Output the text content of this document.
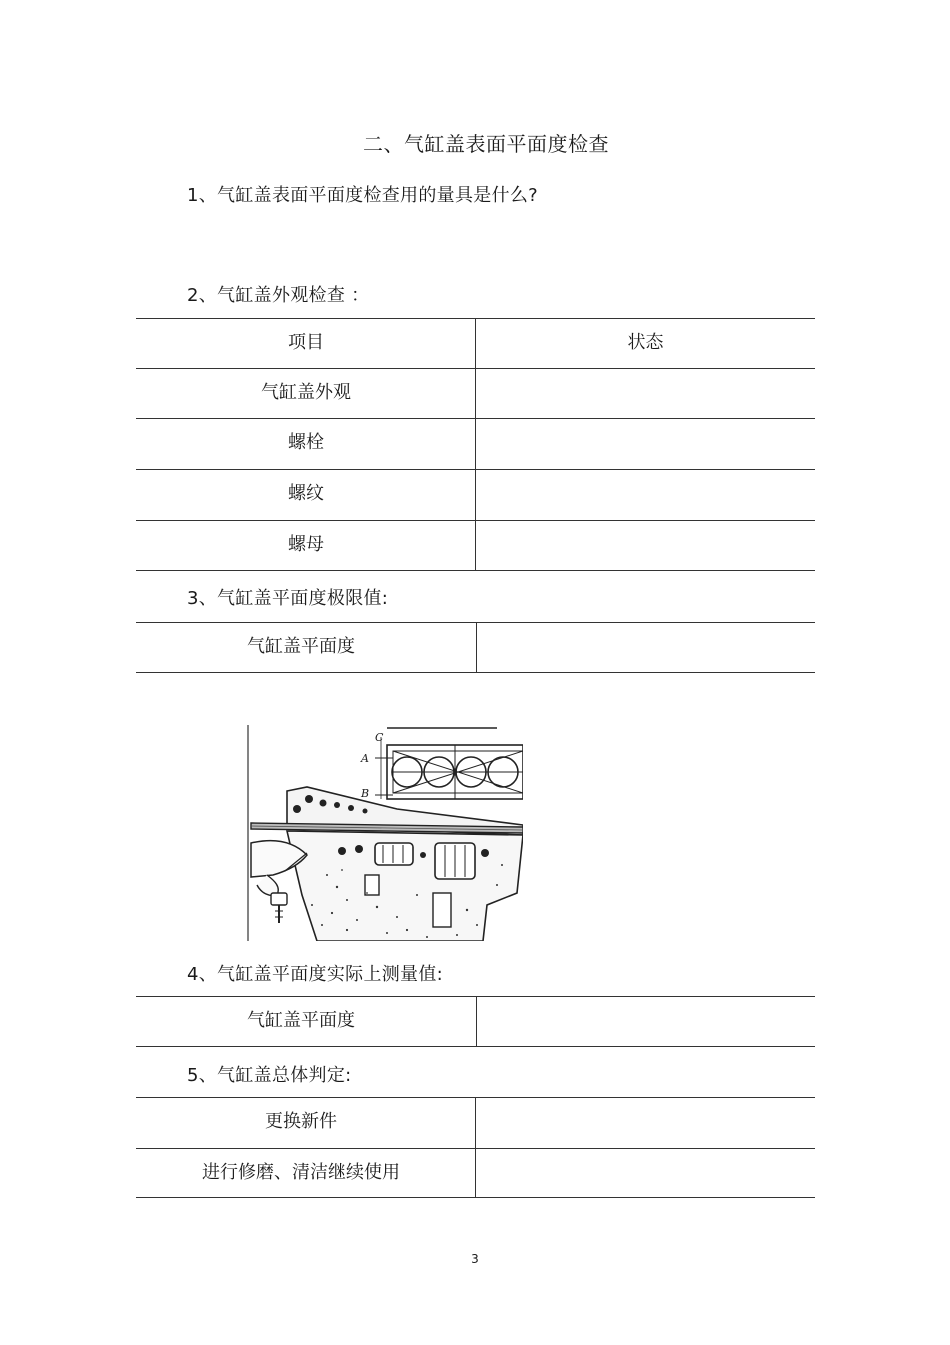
二、气缸盖表面平面度检查
1、气缸盖表面平面度检查用的量具是什么?
2、气缸盖外观检查 ：
项目	状态
气缸盖外观
螺栓
螺纹
螺母
3、气缸盖平面度极限值:
气缸盖平面度
C
A
B
4、气缸盖平面度实际上测量值:
气缸盖平面度
5、气缸盖总体判定:
更换新件
进行修磨、清洁继续使用
3
